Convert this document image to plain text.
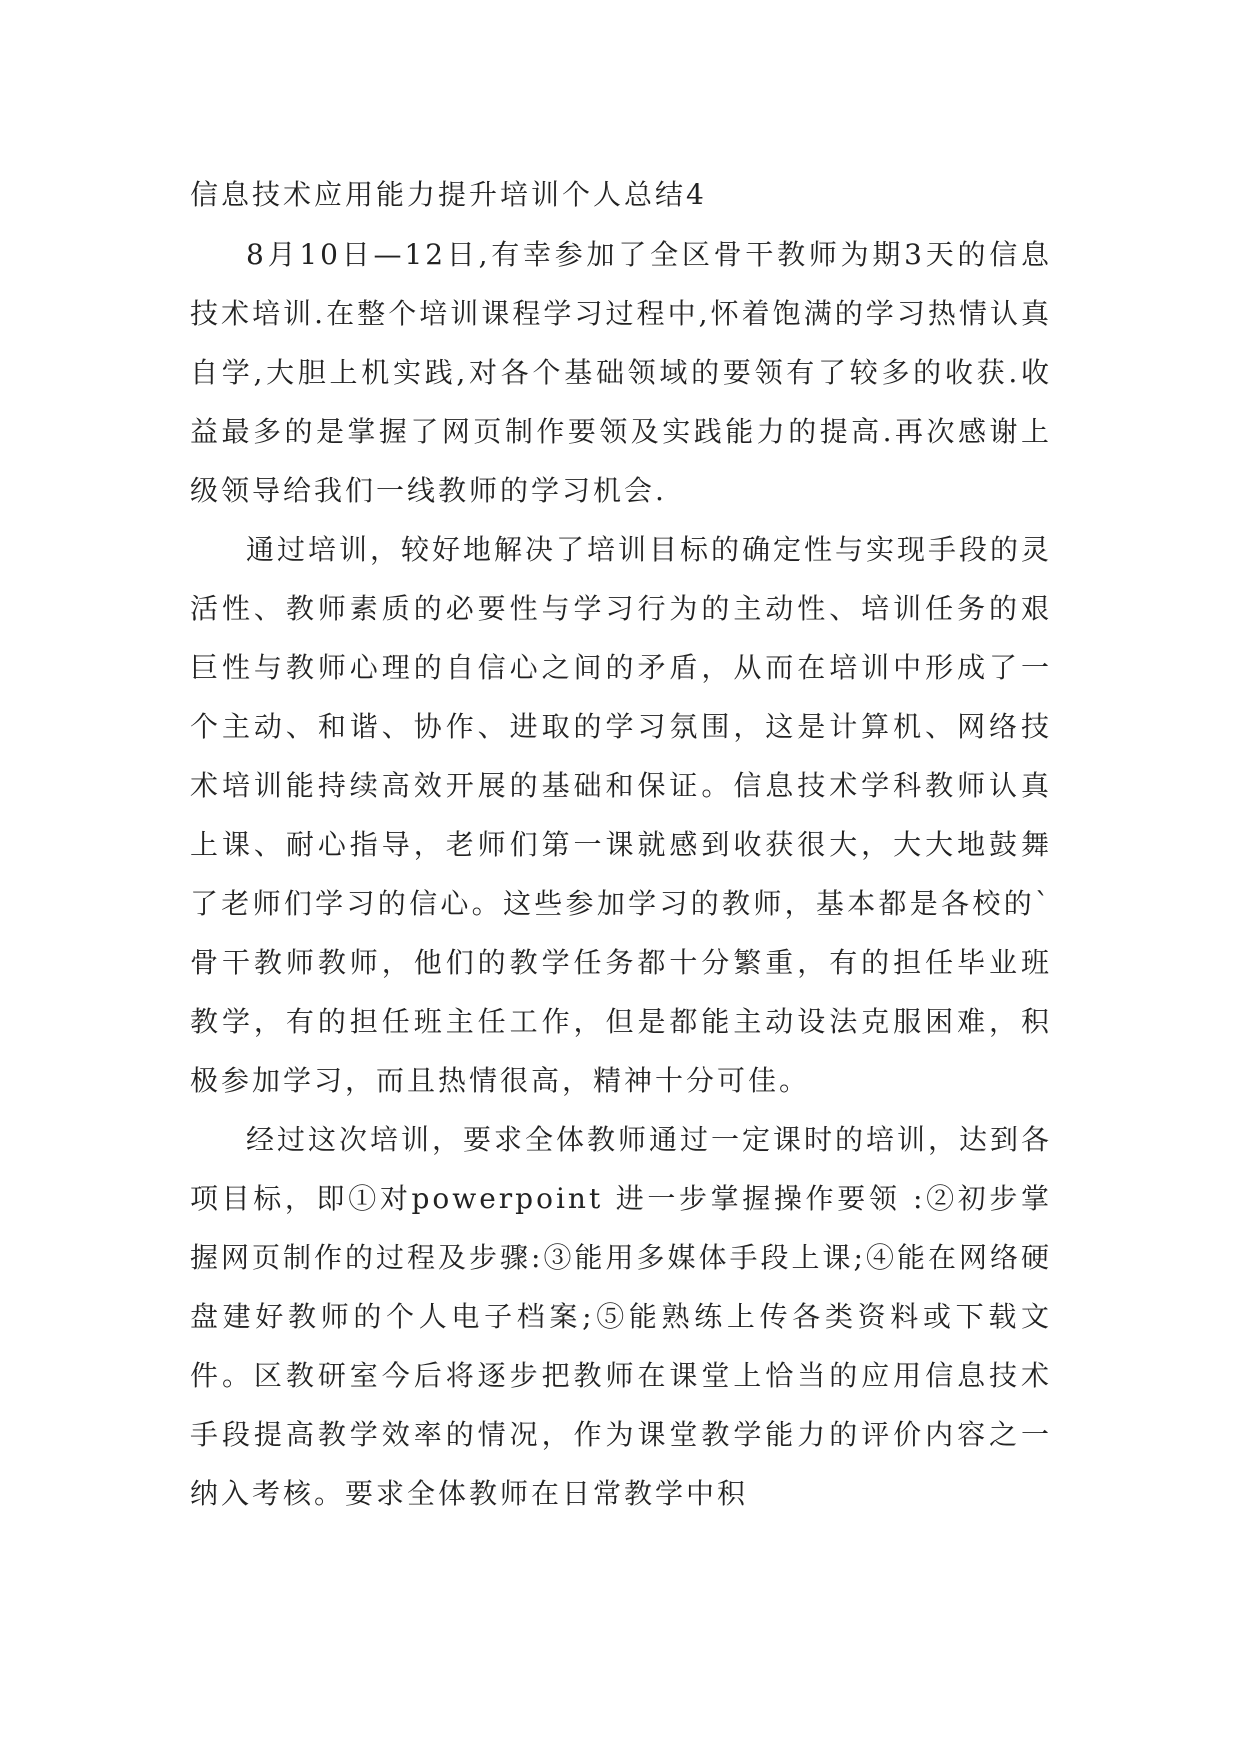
信息技术应用能力提升培训个人总结4

8月10日—12日,有幸参加了全区骨干教师为期3天的信息技术培训.在整个培训课程学习过程中,怀着饱满的学习热情认真自学,大胆上机实践,对各个基础领域的要领有了较多的收获.收益最多的是掌握了网页制作要领及实践能力的提高.再次感谢上级领导给我们一线教师的学习机会.

通过培训，较好地解决了培训目标的确定性与实现手段的灵活性、教师素质的必要性与学习行为的主动性、培训任务的艰巨性与教师心理的自信心之间的矛盾，从而在培训中形成了一个主动、和谐、协作、进取的学习氛围，这是计算机、网络技术培训能持续高效开展的基础和保证。信息技术学科教师认真上课、耐心指导，老师们第一课就感到收获很大，大大地鼓舞了老师们学习的信心。这些参加学习的教师，基本都是各校的`骨干教师教师，他们的教学任务都十分繁重，有的担任毕业班教学，有的担任班主任工作，但是都能主动设法克服困难，积极参加学习，而且热情很高，精神十分可佳。

经过这次培训，要求全体教师通过一定课时的培训，达到各项目标，即①对powerpoint 进一步掌握操作要领 :②初步掌握网页制作的过程及步骤:③能用多媒体手段上课;④能在网络硬盘建好教师的个人电子档案;⑤能熟练上传各类资料或下载文件。区教研室今后将逐步把教师在课堂上恰当的应用信息技术手段提高教学效率的情况，作为课堂教学能力的评价内容之一纳入考核。要求全体教师在日常教学中积
